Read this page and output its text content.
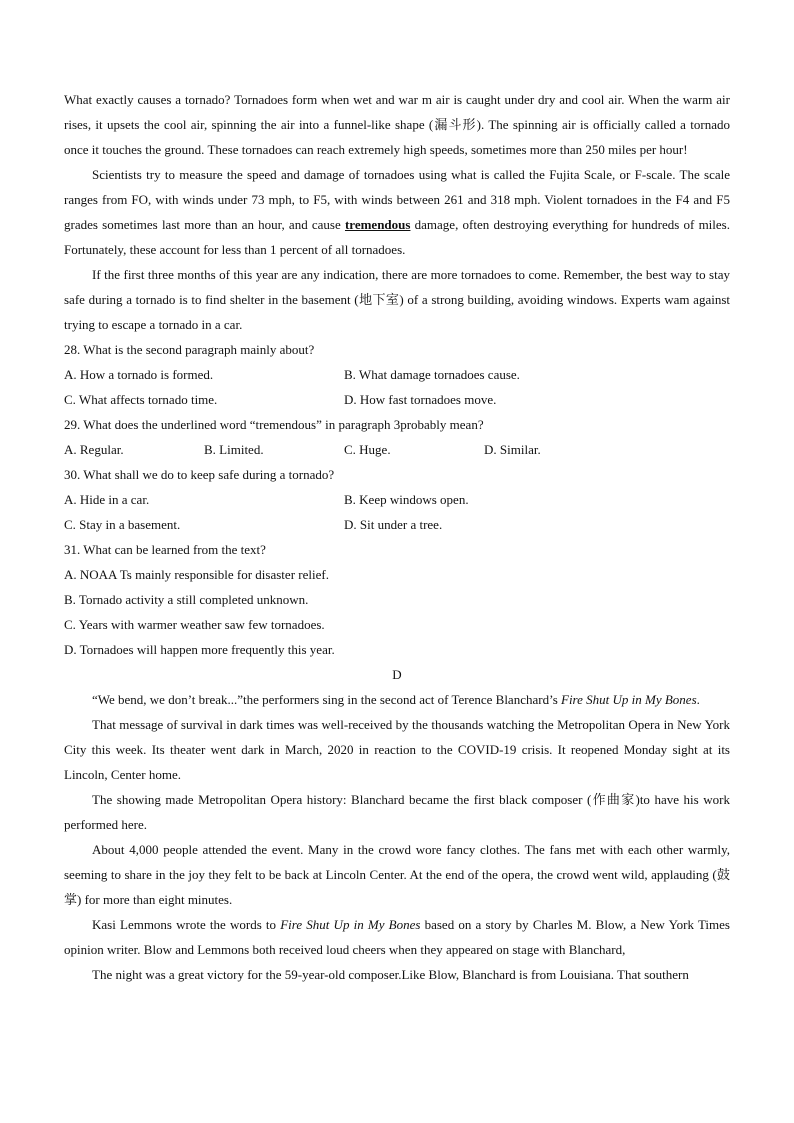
What exactly causes a tornado? Tornadoes form when wet and war m air is caught under dry and cool air. When the warm air rises, it upsets the cool air, spinning the air into a funnel-like shape (漏斗形). The spinning air is officially called a tornado once it touches the ground. These tornadoes can reach extremely high speeds, sometimes more than 250 miles per hour!

Scientists try to measure the speed and damage of tornadoes using what is called the Fujita Scale, or F-scale. The scale ranges from FO, with winds under 73 mph, to F5, with winds between 261 and 318 mph. Violent tornadoes in the F4 and F5 grades sometimes last more than an hour, and cause tremendous damage, often destroying everything for hundreds of miles. Fortunately, these account for less than 1 percent of all tornadoes.

If the first three months of this year are any indication, there are more tornadoes to come. Remember, the best way to stay safe during a tornado is to find shelter in the basement (地下室) of a strong building, avoiding windows. Experts wam against trying to escape a tornado in a car.

28. What is the second paragraph mainly about?

A. How a tornado is formed.	B. What damage tornadoes cause.
C. What affects tornado time.	D. How fast tornadoes move.

29. What does the underlined word “tremendous” in paragraph 3probably mean?

A. Regular.	B. Limited.	C. Huge.	D. Similar.

30. What shall we do to keep safe during a tornado?

A. Hide in a car.	B. Keep windows open.
C. Stay in a basement.	D. Sit under a tree.

31. What can be learned from the text?

A. NOAA Ts mainly responsible for disaster relief.

B. Tornado activity a still completed unknown.

C. Years with warmer weather saw few tornadoes.

D. Tornadoes will happen more frequently this year.

D

“We bend, we don’t break...”the performers sing in the second act of Terence Blanchard’s Fire Shut Up in My Bones.

That message of survival in dark times was well-received by the thousands watching the Metropolitan Opera in New York City this week. Its theater went dark in March, 2020 in reaction to the COVID-19 crisis. It reopened Monday sight at its Lincoln, Center home.

The showing made Metropolitan Opera history: Blanchard became the first black composer (作曲家)to have his work performed here.

About 4,000 people attended the event. Many in the crowd wore fancy clothes. The fans met with each other warmly, seeming to share in the joy they felt to be back at Lincoln Center. At the end of the opera, the crowd went wild, applauding (鼓掌) for more than eight minutes.

Kasi Lemmons wrote the words to Fire Shut Up in My Bones based on a story by Charles M. Blow, a New York Times opinion writer. Blow and Lemmons both received loud cheers when they appeared on stage with Blanchard,

The night was a great victory for the 59-year-old composer.Like Blow, Blanchard is from Louisiana. That southern
